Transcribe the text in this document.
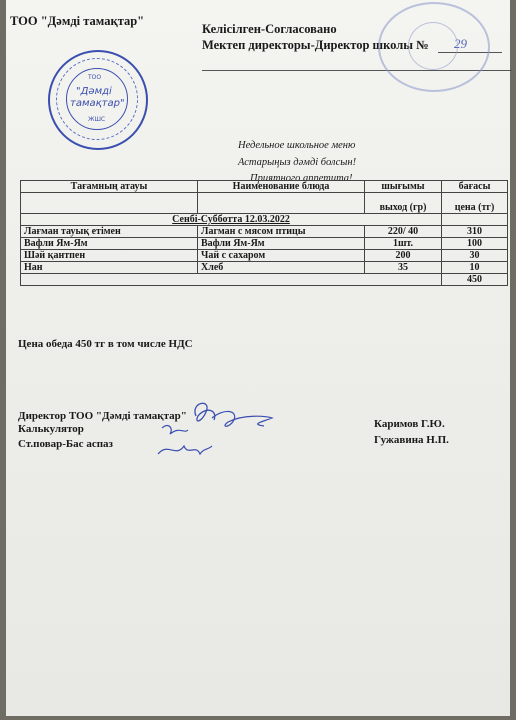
ТОО "Дәмді тамақтар"
Келісілген-Согласовано
Мектеп директоры-Директор школы № 29
ТОО
"Дәмді
тамақтар"
ЖШС
Недельное школьное меню
Астарыңыз дәмді болсын!
Приятного аппетита!
Тағамның атауы	Наименование блюда	шығымы	бағасы
		выход (гр)	цена (тг)
Сенбі-Субботта 12.03.2022			
Лағман тауық етімен	Лагман с мясом птицы	220/ 40	310
Вафли Ям-Ям	Вафли Ям-Ям	1шт.	100
Шәй қантпен	Чай с сахаром	200	30
Нан	Хлеб	35	10
			450
Цена обеда 450 тг в том числе НДС
Директор ТОО "Дәмді тамақтар"
Калькулятор
Ст.повар-Бас аспаз
Каримов Г.Ю.
Гужавина Н.П.
